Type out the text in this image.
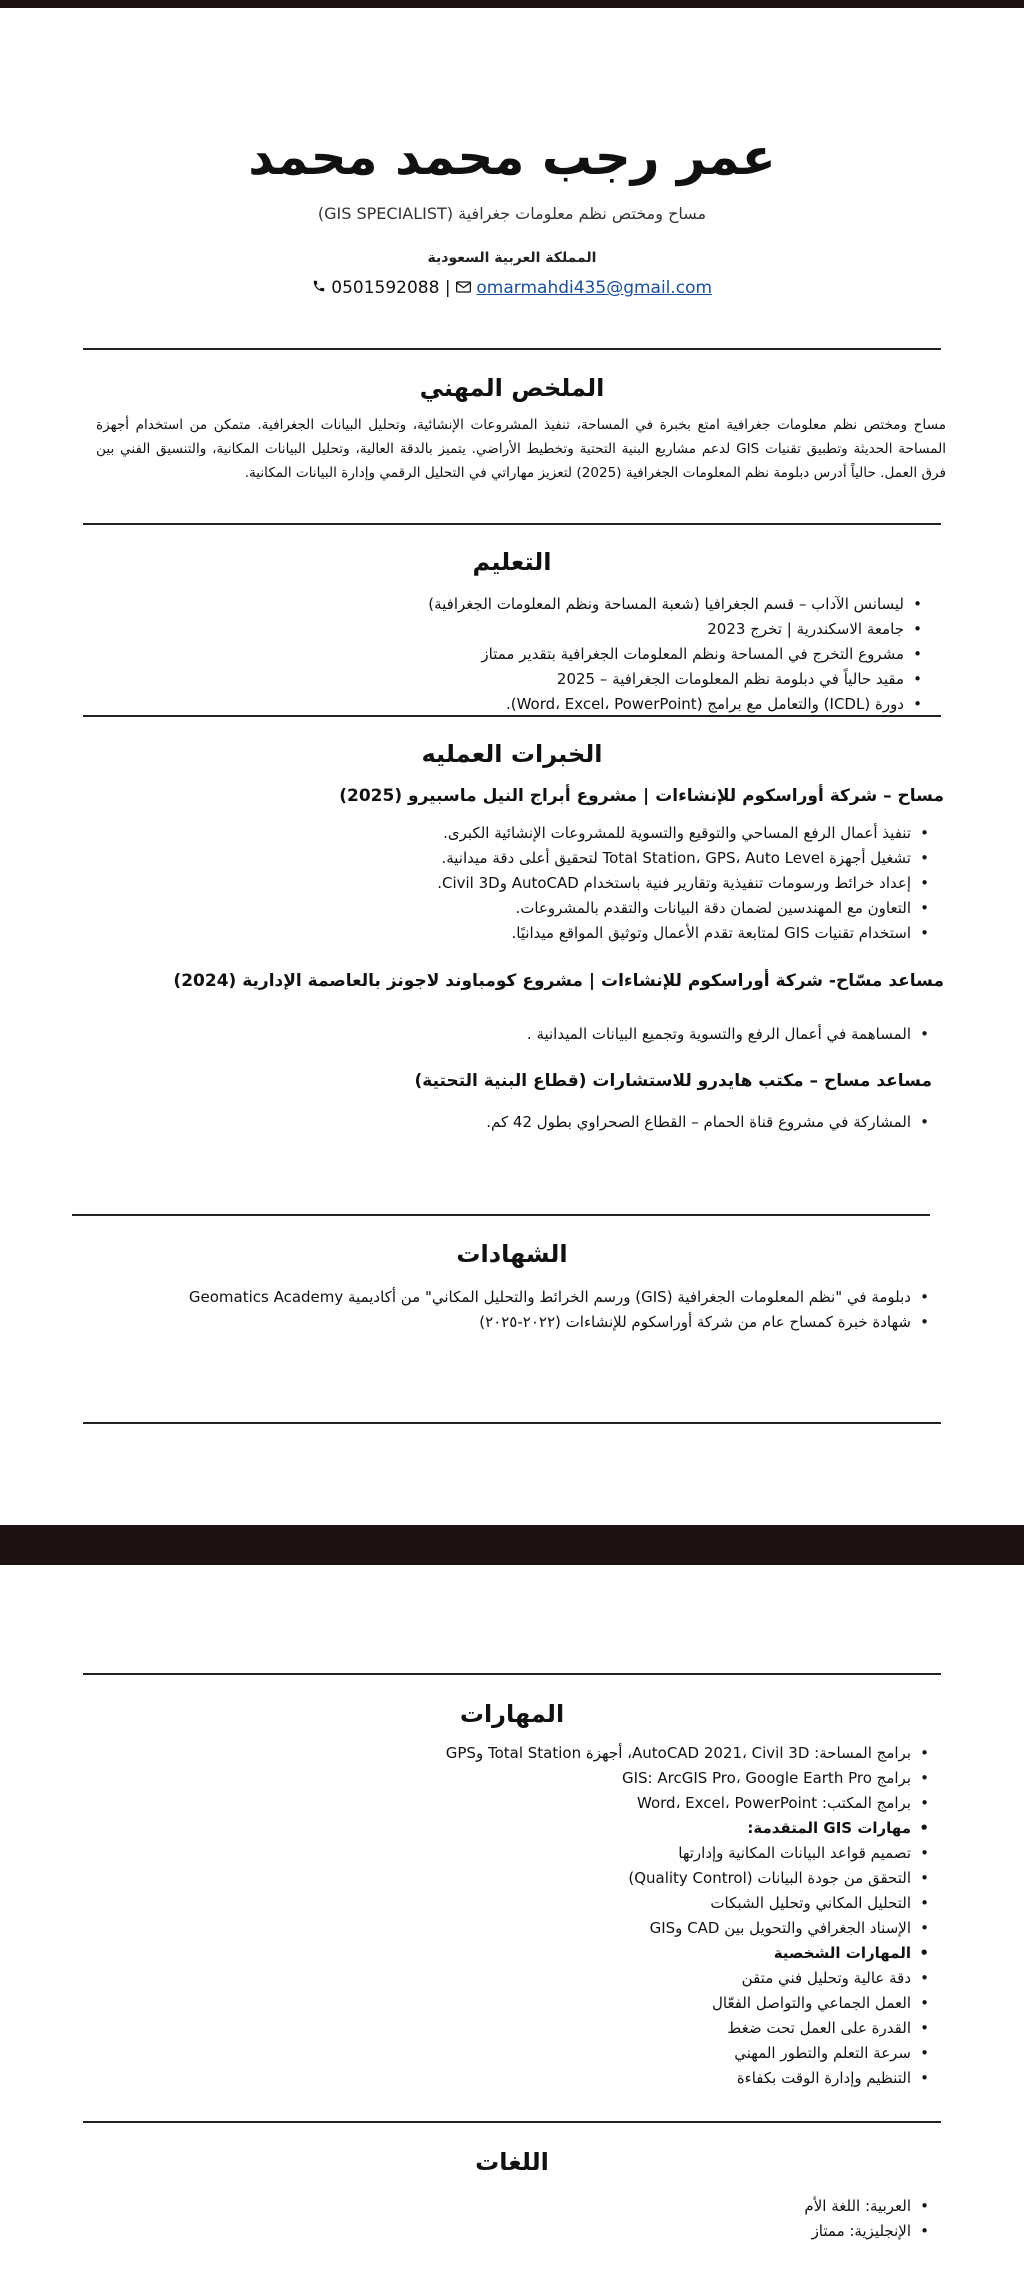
عمر رجب محمد محمد
مساح ومختص نظم معلومات جغرافية (GIS SPECIALIST)
المملكة العربية السعودية
0501592088 | omarmahdi435@gmail.com
الملخص المهني
مساح ومختص نظم معلومات جغرافية امتع بخبرة في المساحة، تنفيذ المشروعات الإنشائية، وتحليل البيانات الجغرافية. متمكن من استخدام أجهزة المساحة الحديثة وتطبيق تقنيات GIS لدعم مشاريع البنية التحتية وتخطيط الأراضي. يتميز بالدقة العالية، وتحليل البيانات المكانية، والتنسيق الفني بين فرق العمل. حالياً أدرس دبلومة نظم المعلومات الجغرافية (2025) لتعزيز مهاراتي في التحليل الرقمي وإدارة البيانات المكانية.
التعليم
• ليسانس الآداب – قسم الجغرافيا (شعبة المساحة ونظم المعلومات الجغرافية)
• جامعة الاسكندرية | تخرج 2023
• مشروع التخرج في المساحة ونظم المعلومات الجغرافية بتقدير ممتاز
• مقيد حالياً في دبلومة نظم المعلومات الجغرافية – 2025
• دورة (ICDL) والتعامل مع برامج (Word، Excel، PowerPoint).
الخبرات العمليه
مساح – شركة أوراسكوم للإنشاءات | مشروع أبراج النيل ماسبيرو (2025)
• تنفيذ أعمال الرفع المساحي والتوقيع والتسوية للمشروعات الإنشائية الكبرى.
• تشغيل أجهزة Total Station، GPS، Auto Level لتحقيق أعلى دقة ميدانية.
• إعداد خرائط ورسومات تنفيذية وتقارير فنية باستخدام AutoCAD وCivil 3D.
• التعاون مع المهندسين لضمان دقة البيانات والتقدم بالمشروعات.
• استخدام تقنيات GIS لمتابعة تقدم الأعمال وتوثيق المواقع ميدانيًا.
مساعد مسّاح- شركة أوراسكوم للإنشاءات | مشروع كومباوند لاجونز بالعاصمة الإدارية (2024)
• المساهمة في أعمال الرفع والتسوية وتجميع البيانات الميدانية .
مساعد مساح – مكتب هايدرو للاستشارات (قطاع البنية التحتية)
• المشاركة في مشروع قناة الحمام – القطاع الصحراوي بطول 42 كم.
الشهادات
• دبلومة في "نظم المعلومات الجغرافية (GIS) ورسم الخرائط والتحليل المكاني" من أكاديمية Geomatics Academy
• شهادة خبرة كمساح عام من شركة أوراسكوم للإنشاءات (٢٠٢٢-٢٠٢٥)
المهارات
• برامج المساحة: AutoCAD 2021، Civil 3D، أجهزة Total Station وGPS
• برامج GIS: ArcGIS Pro، Google Earth Pro
• برامج المكتب: Word، Excel، PowerPoint
• مهارات GIS المتقدمة:
• تصميم قواعد البيانات المكانية وإدارتها
• التحقق من جودة البيانات (Quality Control)
• التحليل المكاني وتحليل الشبكات
• الإسناد الجغرافي والتحويل بين CAD وGIS
• المهارات الشخصية
• دقة عالية وتحليل فني متقن
• العمل الجماعي والتواصل الفعّال
• القدرة على العمل تحت ضغط
• سرعة التعلم والتطور المهني
• التنظيم وإدارة الوقت بكفاءة
اللغات
• العربية: اللغة الأم
• الإنجليزية: ممتاز
